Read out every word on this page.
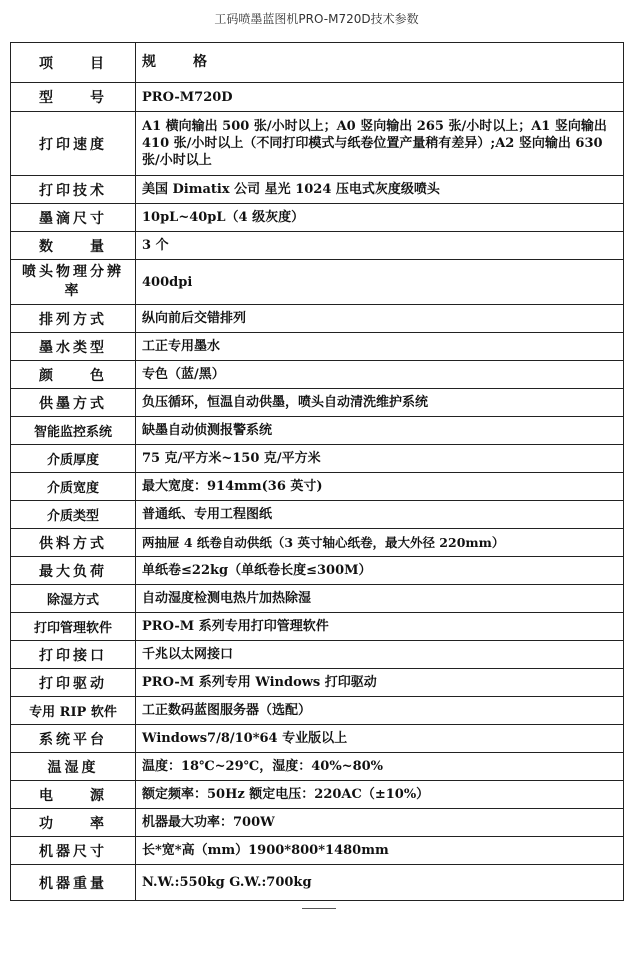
工码喷墨蓝图机PRO-M720D技术参数
项　　目	规　　格
型　　号	PRO-M720D
打印速度	A1 横向输出 500 张/小时以上；A0 竖向输出 265 张/小时以上；A1 竖向输出 410 张/小时以上（不同打印模式与纸卷位置产量稍有差异）;A2 竖向输出 630 张/小时以上
打印技术	美国 Dimatix 公司 星光 1024 压电式灰度级喷头
墨滴尺寸	10pL~40pL（4 级灰度）
数　　量	3 个
喷头物理分辨率	400dpi
排列方式	纵向前后交错排列
墨水类型	工正专用墨水
颜　　色	专色（蓝/黑）
供墨方式	负压循环，恒温自动供墨，喷头自动清洗维护系统
智能监控系统	缺墨自动侦测报警系统
介质厚度	75 克/平方米~150 克/平方米
介质宽度	最大宽度：914mm(36 英寸)
介质类型	普通纸、专用工程图纸
供料方式	两抽屉 4 纸卷自动供纸（3 英寸轴心纸卷，最大外径 220mm）
最大负荷	单纸卷≤22kg（单纸卷长度≤300M）
除湿方式	自动湿度检测电热片加热除湿
打印管理软件	PRO-M 系列专用打印管理软件
打印接口	千兆以太网接口
打印驱动	PRO-M 系列专用 Windows 打印驱动
专用 RIP 软件	工正数码蓝图服务器（选配）
系统平台	Windows7/8/10*64 专业版以上
温湿度	温度：18℃~29℃，湿度：40%~80%
电　　源	额定频率：50Hz 额定电压：220AC（±10%）
功　　率	机器最大功率：700W
机器尺寸	长*宽*高（mm）1900*800*1480mm
机器重量	N.W.:550kg G.W.:700kg
